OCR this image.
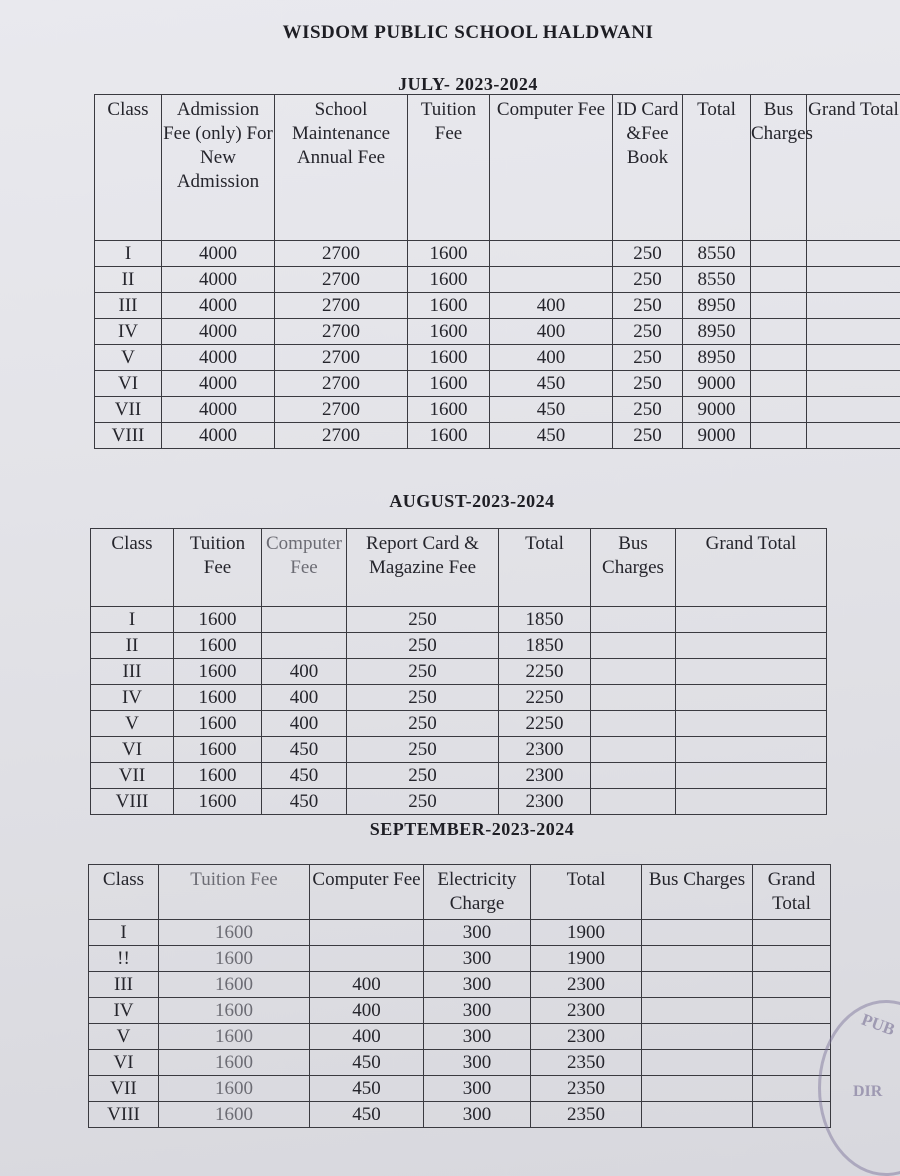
WISDOM PUBLIC SCHOOL HALDWANI
JULY- 2023-2024
Class	Admission Fee (only) For New Admission	School Maintenance Annual Fee	Tuition Fee	Computer Fee	ID Card &Fee Book	Total	Bus Charges	Grand Total
I	4000	2700	1600		250	8550		
II	4000	2700	1600		250	8550		
III	4000	2700	1600	400	250	8950		
IV	4000	2700	1600	400	250	8950		
V	4000	2700	1600	400	250	8950		
VI	4000	2700	1600	450	250	9000		
VII	4000	2700	1600	450	250	9000		
VIII	4000	2700	1600	450	250	9000		
AUGUST-2023-2024
Class	Tuition Fee	Computer Fee	Report Card & Magazine Fee	Total	Bus Charges	Grand Total
I	1600		250	1850		
II	1600		250	1850		
III	1600	400	250	2250		
IV	1600	400	250	2250		
V	1600	400	250	2250		
VI	1600	450	250	2300		
VII	1600	450	250	2300		
VIII	1600	450	250	2300		
SEPTEMBER-2023-2024
Class	Tuition Fee	Computer Fee	Electricity Charge	Total	Bus Charges	Grand Total
I	1600		300	1900		
!!	1600		300	1900		
III	1600	400	300	2300		
IV	1600	400	300	2300		
V	1600	400	300	2300		
VI	1600	450	300	2350		
VII	1600	450	300	2350		
VIII	1600	450	300	2350		
PUB
DIR
